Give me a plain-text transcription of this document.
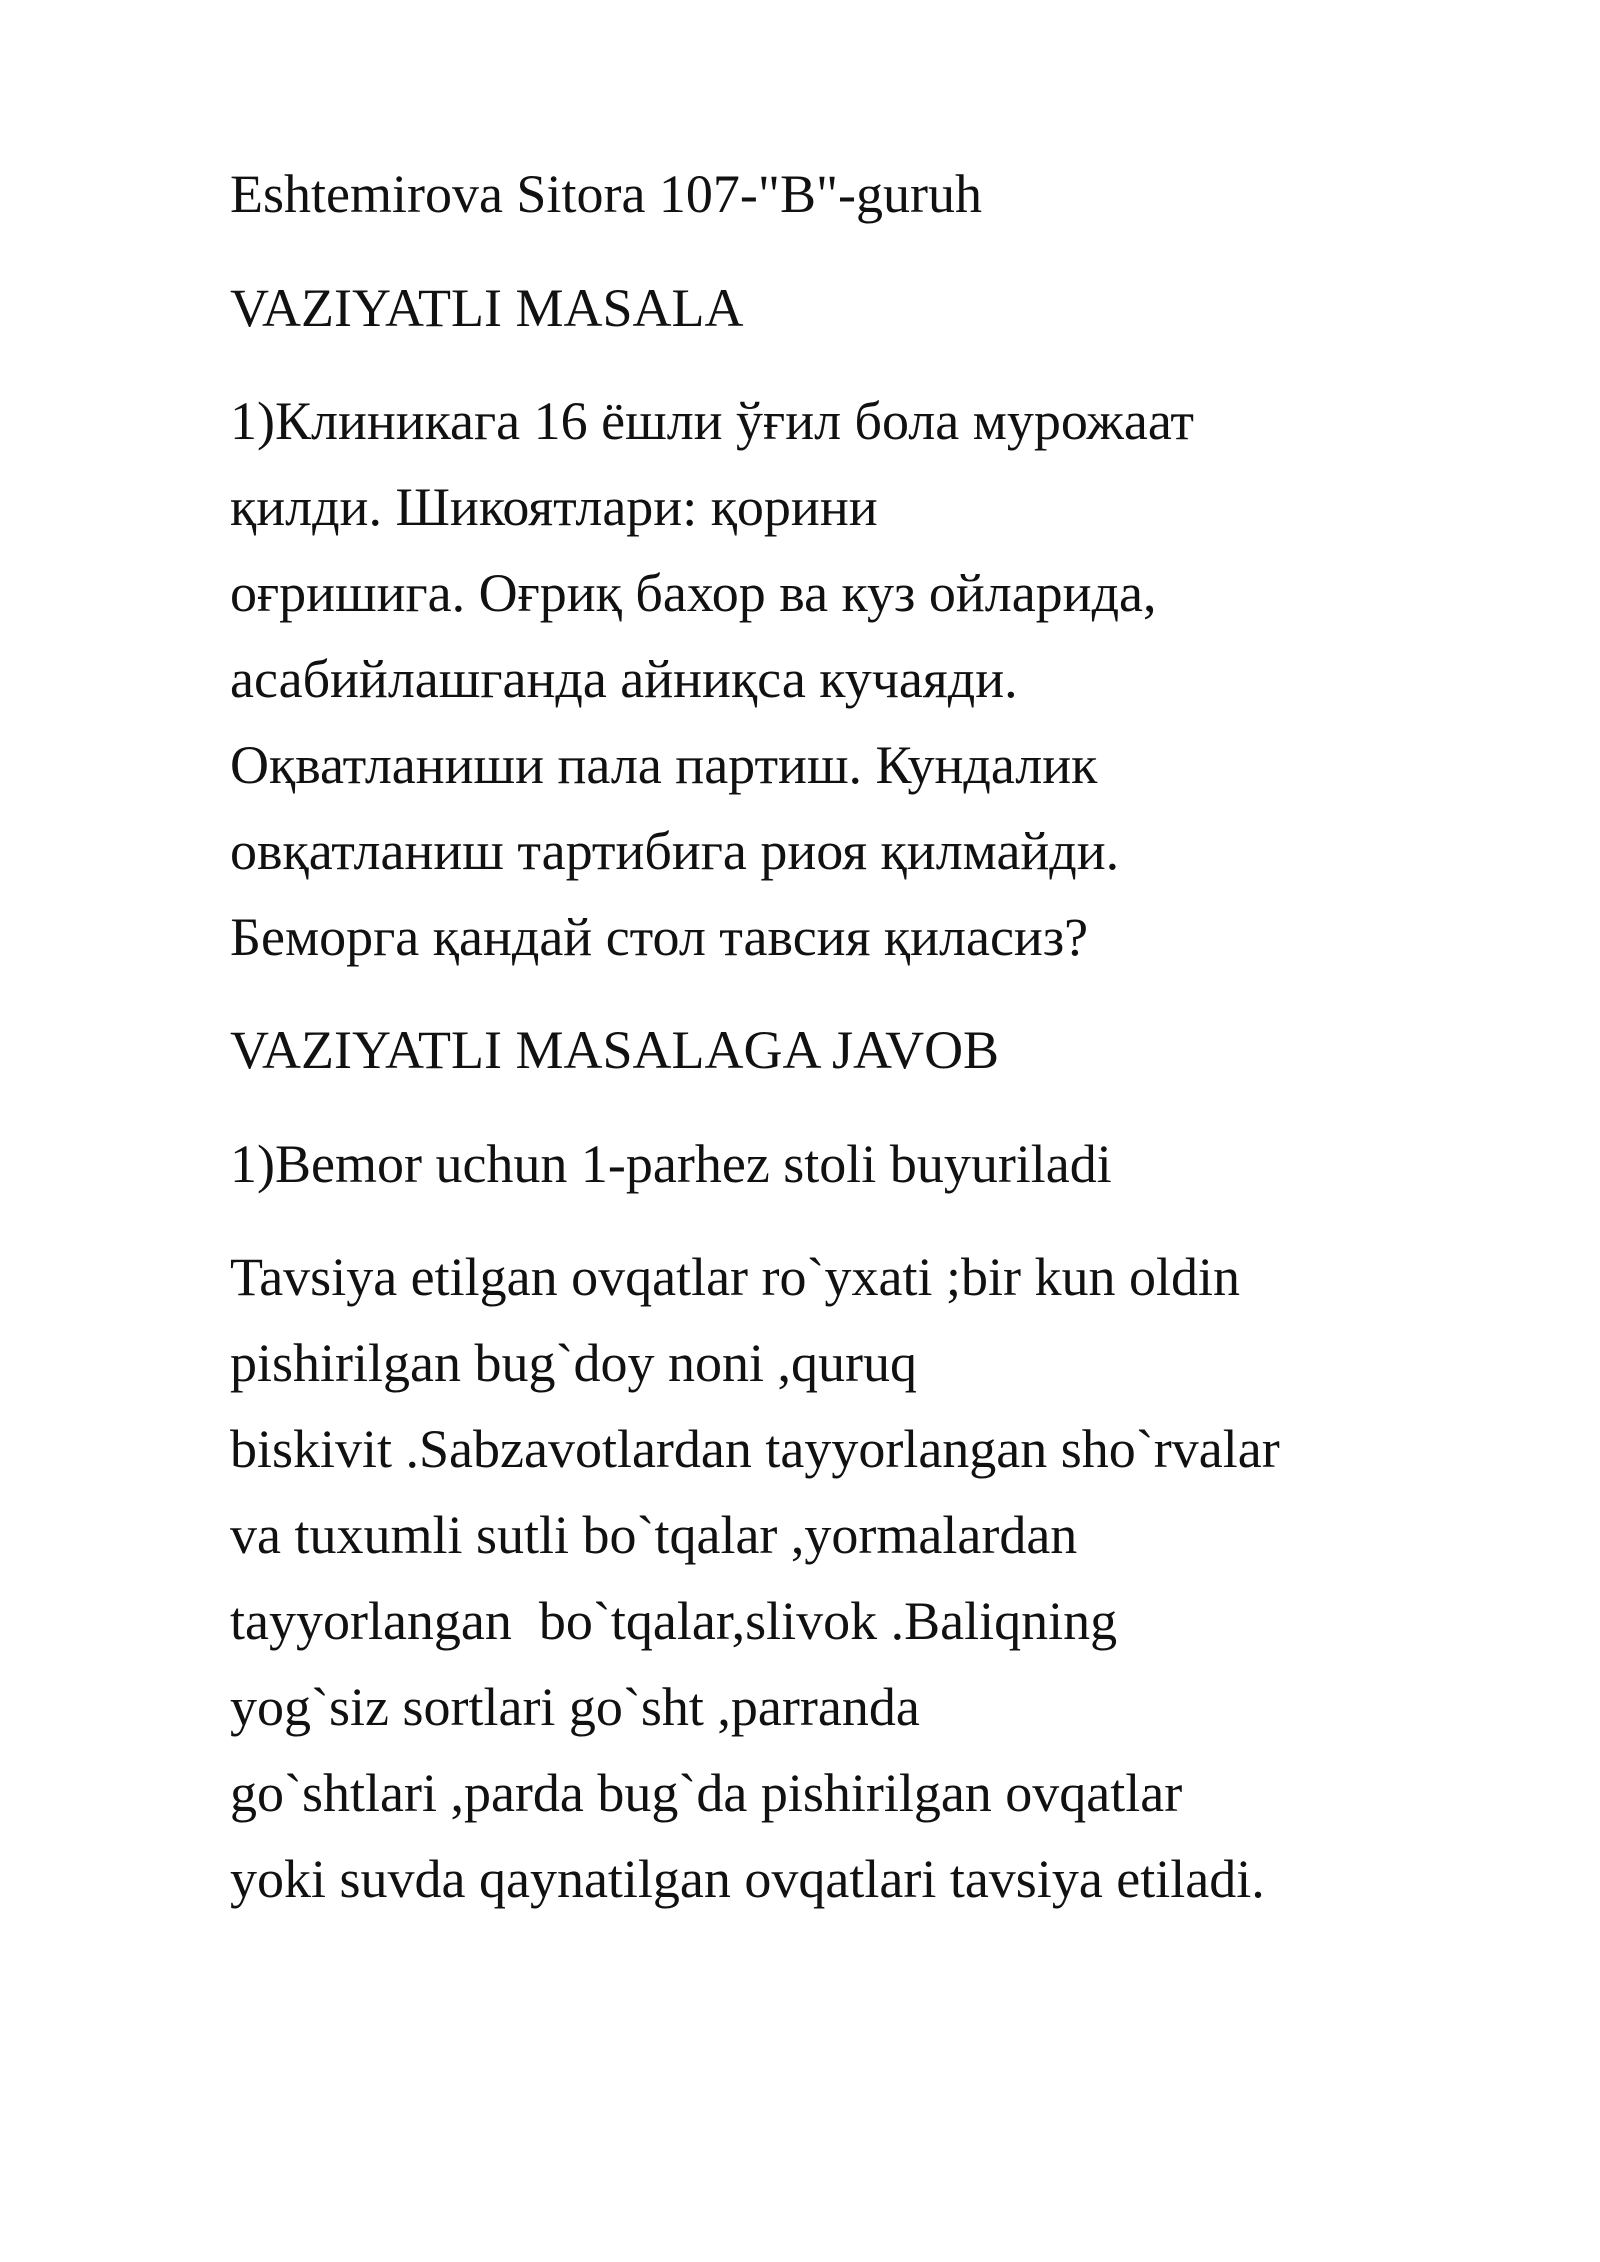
Eshtemirova Sitora 107-"B"-guruh

VAZIYATLI MASALA

1)Клиникага 16 ёшли ўғил бола мурожаат
қилди. Шикоятлари: қорини
оғришига. Оғриқ бахор ва куз ойларида,
асабийлашганда айниқса кучаяди.
Оқватланиши пала партиш. Кундалик
овқатланиш тартибига риоя қилмайди.
Беморга қандай стол тавсия қиласиз?

VAZIYATLI MASALAGA JAVOB

1)Bemor uchun 1-parhez stoli buyuriladi

Tavsiya etilgan ovqatlar ro`yxati ;bir kun oldin
pishirilgan bug`doy noni ,quruq
biskivit .Sabzavotlardan tayyorlangan sho`rvalar
va tuxumli sutli bo`tqalar ,yormalardan
tayyorlangan  bo`tqalar,slivok .Baliqning
yog`siz sortlari go`sht ,parranda
go`shtlari ,parda bug`da pishirilgan ovqatlar
yoki suvda qaynatilgan ovqatlari tavsiya etiladi.
